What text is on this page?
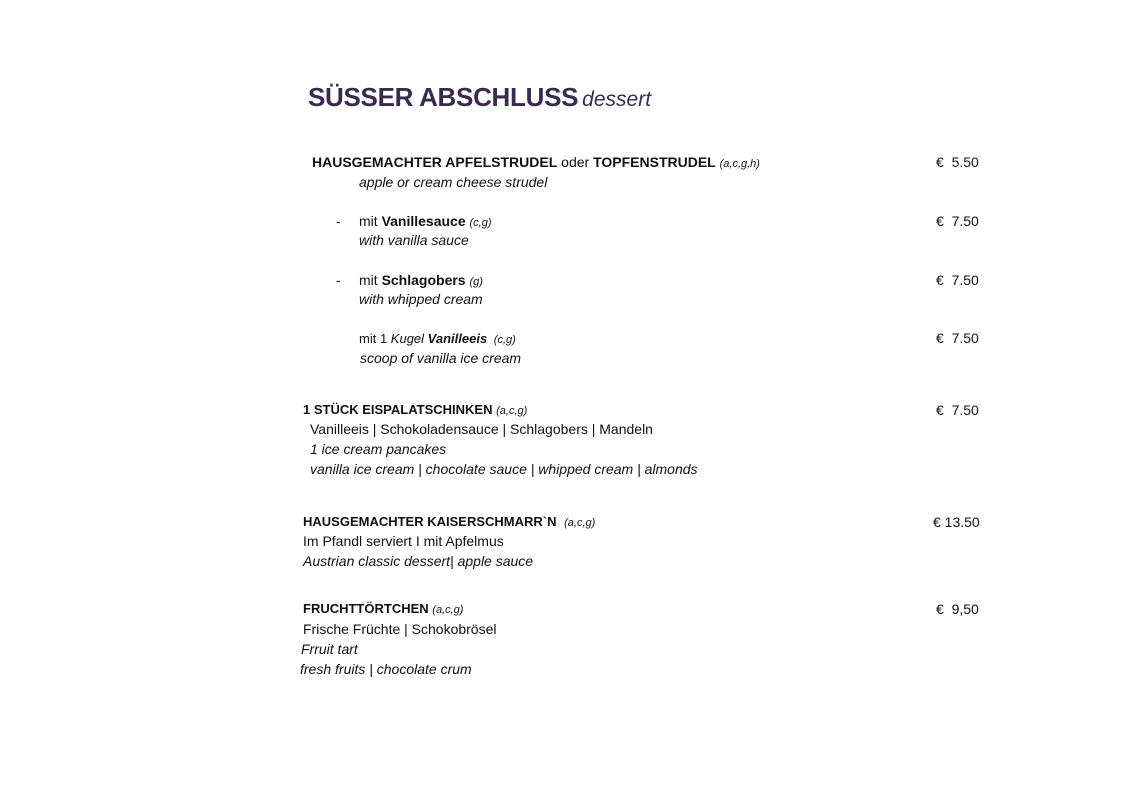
SÜSSER ABSCHLUSS dessert
HAUSGEMACHTER APFELSTRUDEL oder TOPFENSTRUDEL (a,c,g,h)	€  5.50
apple or cream cheese strudel
- mit Vanillesauce (c,g)	€  7.50
with vanilla sauce
- mit Schlagobers (g)	€  7.50
with whipped cream
mit 1 Kugel Vanilleeis (c,g)	€  7.50
scoop of vanilla ice cream
1 STÜCK EISPALATSCHINKEN (a,c,g)	€  7.50
Vanilleeis | Schokoladensauce | Schlagobers | Mandeln
1 ice cream pancakes
vanilla ice cream | chocolate sauce | whipped cream | almonds
HAUSGEMACHTER KAISERSCHMARR`N (a,c,g)	€ 13.50
Im Pfandl serviert I mit Apfelmus
Austrian classic dessert| apple sauce
FRUCHTTÖRTCHEN (a,c,g)	€  9,50
Frische Früchte | Schokobrösel
Frruit tart
fresh fruits | chocolate crum
